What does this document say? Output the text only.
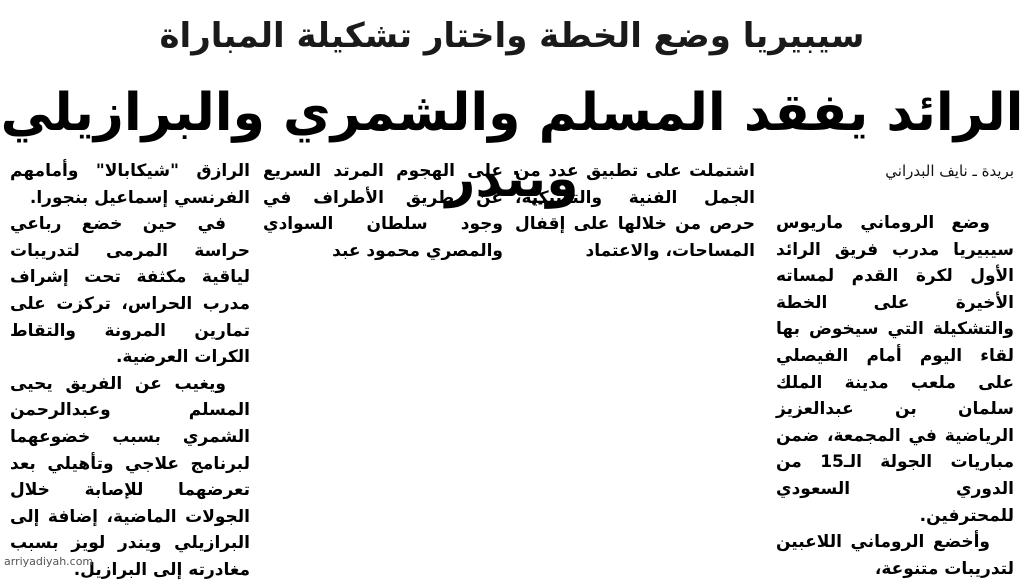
سيبيريا وضع الخطة واختار تشكيلة المباراة
الرائد يفقد المسلم والشمري والبرازيلي ويندر	بريدة ـ نايف البدراني

وضع الروماني ماريوس سيبيريا مدرب فريق الرائد الأول لكرة القدم لمساته الأخيرة على الخطة والتشكيلة التي سيخوض بها لقاء اليوم أمام الفيصلي على ملعب مدينة الملك سلمان بن عبدالعزيز الرياضية في المجمعة، ضمن مباريات الجولة الـ15 من الدوري السعودي للمحترفين.

وأخضع الروماني اللاعبين لتدريبات متنوعة،

اشتملت على تطبيق عدد من الجمل الفنية والتكتيكية، حرص من خلالها على إقفال المساحات، والاعتماد

على الهجوم المرتد السريع عن طريق الأطراف في وجود سلطان السوادي والمصري محمود عبد

الرازق "شيكابالا" وأمامهم الفرنسي إسماعيل بنجورا.

في حين خضع رباعي حراسة المرمى لتدريبات لياقية مكثفة تحت إشراف مدرب الحراس، تركزت على تمارين المرونة والتقاط الكرات العرضية.

ويغيب عن الفريق يحيى المسلم وعبدالرحمن الشمري بسبب خضوعهما لبرنامج علاجي وتأهيلي بعد تعرضهما للإصابة خلال الجولات الماضية، إضافة إلى البرازيلي ويندر لويز بسبب مغادرته إلى البرازيل.

arriyadiyah.com
